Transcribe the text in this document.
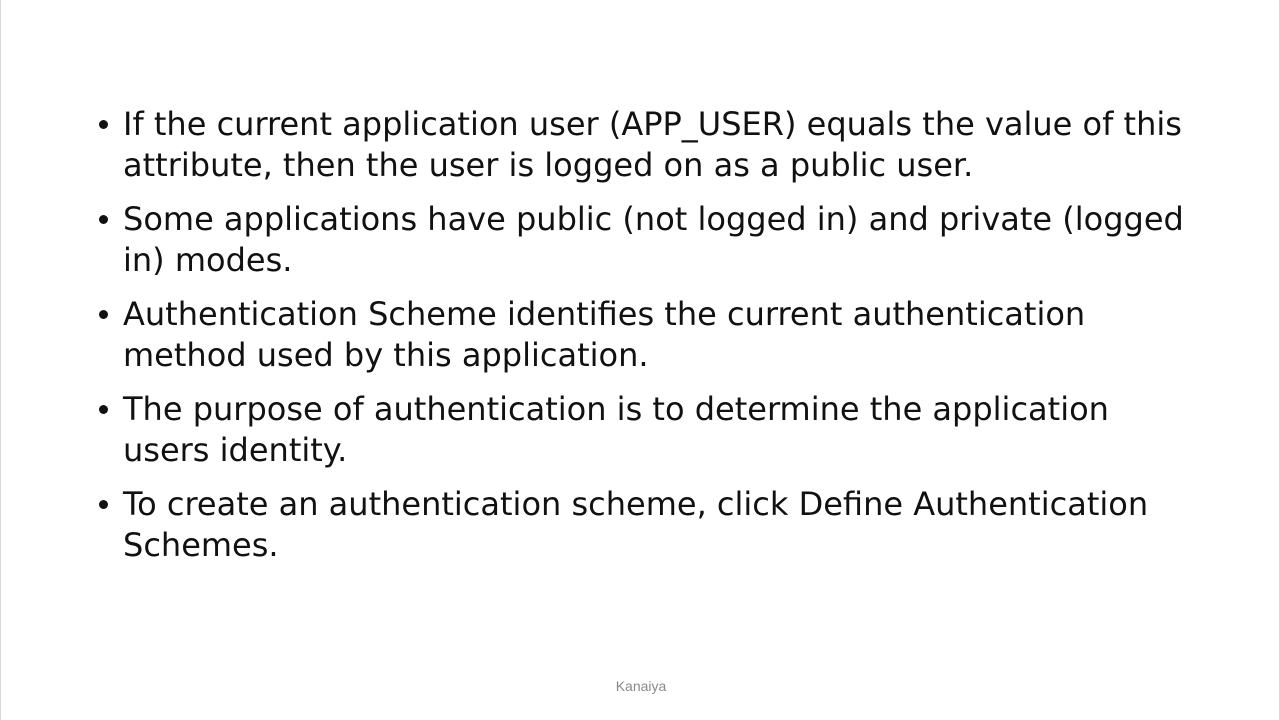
If the current application user (APP_USER) equals the value of this attribute, then the user is logged on as a public user.
Some applications have public (not logged in) and private (logged in) modes.
Authentication Scheme identifies the current authentication method used by this application.
The purpose of authentication is to determine the application users identity.
To create an authentication scheme, click Define Authentication Schemes.
Kanaiya
